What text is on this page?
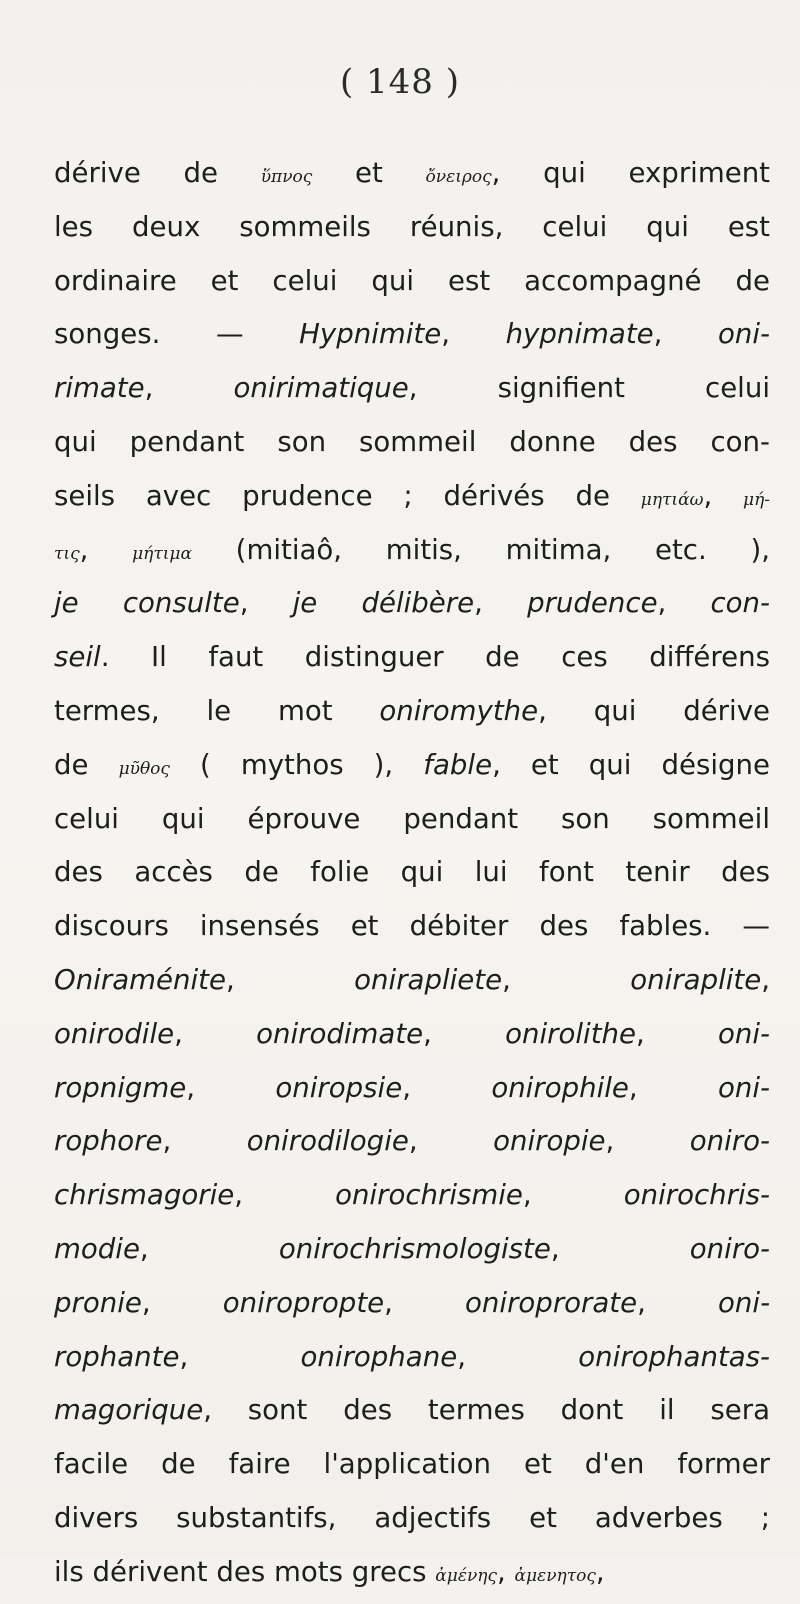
( 148 )
dérive de ὕπνος et ὄνειρος, qui expriment
les deux sommeils réunis, celui qui est
ordinaire et celui qui est accompagné de
songes. — Hypnimite, hypnimate, oni-
rimate, onirimatique, signifient celui
qui pendant son sommeil donne des con-
seils avec prudence ; dérivés de μητιάω, μή-
τις, μήτιμα (mitiaô, mitis, mitima, etc. ),
je consulte, je délibère, prudence, con-
seil. Il faut distinguer de ces différens
termes, le mot oniromythe, qui dérive
de μῦθος ( mythos ), fable, et qui désigne
celui qui éprouve pendant son sommeil
des accès de folie qui lui font tenir des
discours insensés et débiter des fables. —
Oniraménite, onirapliete, oniraplite,
onirodile, onirodimate, onirolithe, oni-
ropnigme, oniropsie, onirophile, oni-
rophore, onirodilogie, oniropie, oniro-
chrismagorie, onirochrismie, onirochris-
modie, onirochrismologiste, oniro-
pronie, oniropropte, oniroprorate, oni-
rophante, onirophane, onirophantas-
magorique, sont des termes dont il sera
facile de faire l'application et d'en former
divers substantifs, adjectifs et adverbes ;
ils dérivent des mots grecs ἀμένης, ἀμενητος,
